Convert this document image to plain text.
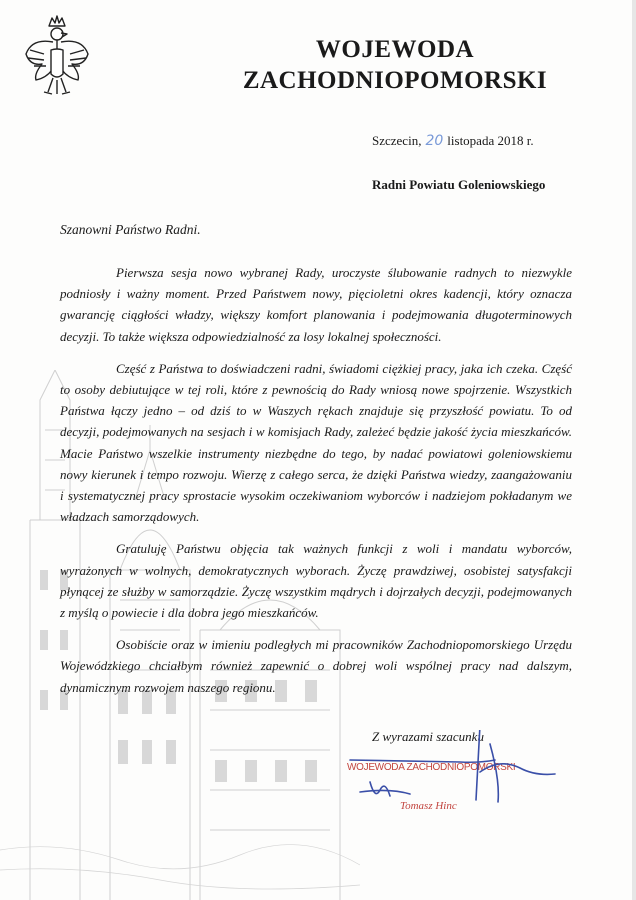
WOJEWODA
ZACHODNIOPOMORSKI
Szczecin, 20 listopada 2018 r.
Radni Powiatu Goleniowskiego
Szanowni Państwo Radni.

Pierwsza sesja nowo wybranej Rady, uroczyste ślubowanie radnych to niezwykle podniosły i ważny moment. Przed Państwem nowy, pięcioletni okres kadencji, który oznacza gwarancję ciągłości władzy, większy komfort planowania i podejmowania długoterminowych decyzji. To także większa odpowiedzialność za losy lokalnej społeczności.

Część z Państwa to doświadczeni radni, świadomi ciężkiej pracy, jaka ich czeka. Część to osoby debiutujące w tej roli, które z pewnością do Rady wniosą nowe spojrzenie. Wszystkich Państwa łączy jedno – od dziś to w Waszych rękach znajduje się przyszłość powiatu. To od decyzji, podejmowanych na sesjach i w komisjach Rady, zależeć będzie jakość życia mieszkańców. Macie Państwo wszelkie instrumenty niezbędne do tego, by nadać powiatowi goleniowskiemu nowy kierunek i tempo rozwoju. Wierzę z całego serca, że dzięki Państwa wiedzy, zaangażowaniu i systematycznej pracy sprostacie wysokim oczekiwaniom wyborców i nadziejom pokładanym we władzach samorządowych.

Gratuluję Państwu objęcia tak ważnych funkcji z woli i mandatu wyborców, wyrażonych w wolnych, demokratycznych wyborach. Życzę prawdziwej, osobistej satysfakcji płynącej ze służby w samorządzie. Życzę wszystkim mądrych i dojrzałych decyzji, podejmowanych z myślą o powiecie i dla dobra jego mieszkańców.

Osobiście oraz w imieniu podległych mi pracowników Zachodniopomorskiego Urzędu Wojewódzkiego chciałbym również zapewnić o dobrej woli wspólnej pracy nad dalszym, dynamicznym rozwojem naszego regionu.

Z wyrazami szacunku
WOJEWODA ZACHODNIOPOMORSKI
Tomasz Hinc
